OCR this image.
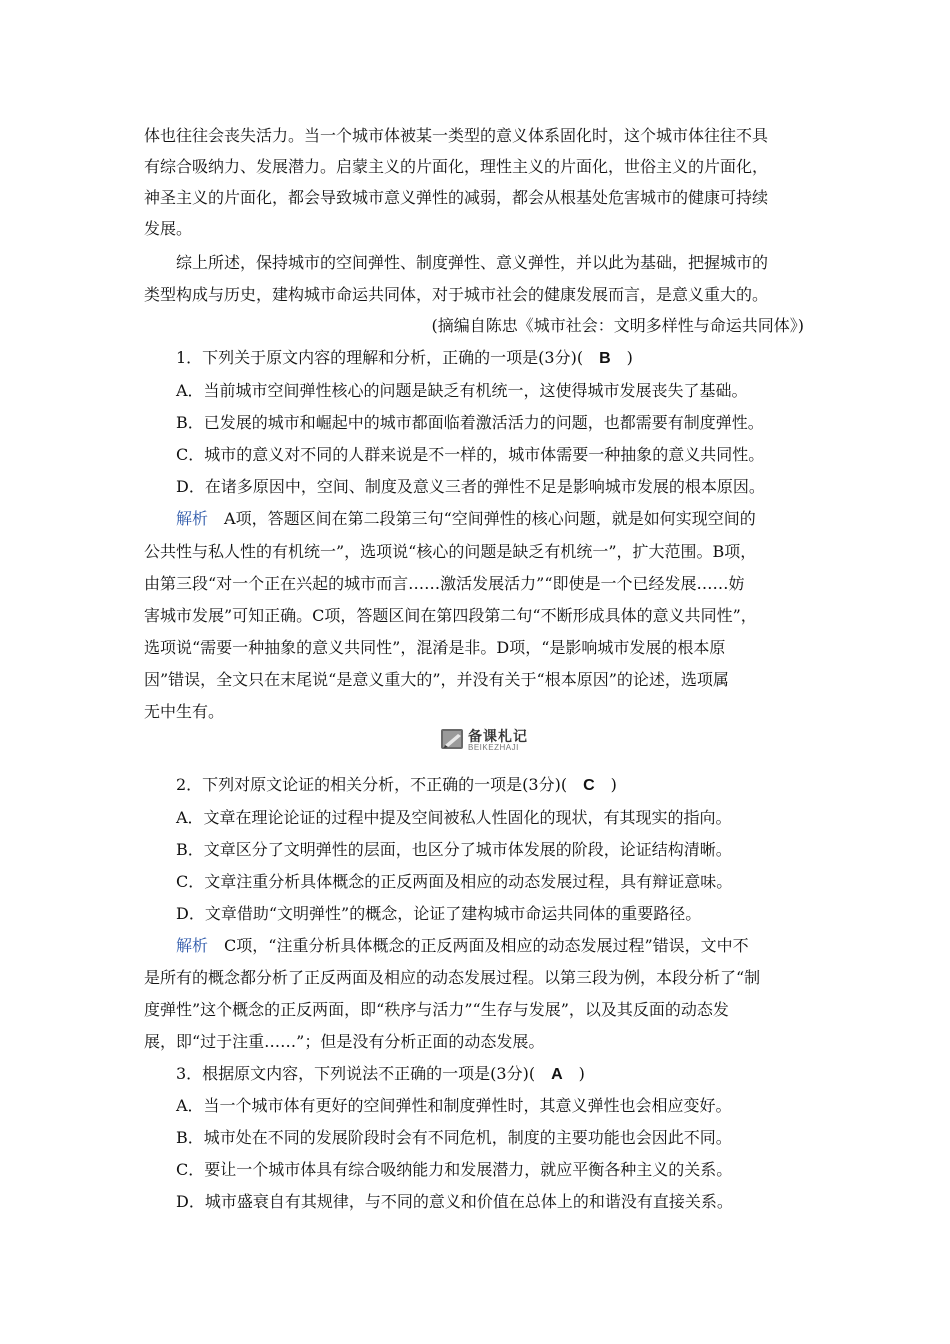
体也往往会丧失活力。当一个城市体被某一类型的意义体系固化时，这个城市体往往不具
有综合吸纳力、发展潜力。启蒙主义的片面化，理性主义的片面化，世俗主义的片面化，
神圣主义的片面化，都会导致城市意义弹性的减弱，都会从根基处危害城市的健康可持续
发展。
　　综上所述，保持城市的空间弹性、制度弹性、意义弹性，并以此为基础，把握城市的
类型构成与历史，建构城市命运共同体，对于城市社会的健康发展而言，是意义重大的。
(摘编自陈忠《城市社会：文明多样性与命运共同体》)
　　1．下列关于原文内容的理解和分析，正确的一项是(3分)(　B　)
　　A．当前城市空间弹性核心的问题是缺乏有机统一，这使得城市发展丧失了基础。
　　B．已发展的城市和崛起中的城市都面临着激活活力的问题，也都需要有制度弹性。
　　C．城市的意义对不同的人群来说是不一样的，城市体需要一种抽象的意义共同性。
　　D．在诸多原因中，空间、制度及意义三者的弹性不足是影响城市发展的根本原因。
　　解析　A项，答题区间在第二段第三句“空间弹性的核心问题，就是如何实现空间的
公共性与私人性的有机统一”，选项说“核心的问题是缺乏有机统一”，扩大范围。B项，
由第三段“对一个正在兴起的城市而言……激活发展活力”“即使是一个已经发展……妨
害城市发展”可知正确。C项，答题区间在第四段第二句“不断形成具体的意义共同性”，
选项说“需要一种抽象的意义共同性”，混淆是非。D项，“是影响城市发展的根本原
因”错误，全文只在末尾说“是意义重大的”，并没有关于“根本原因”的论述，选项属
无中生有。
备课札记
BEIKEZHAJI
　　2．下列对原文论证的相关分析，不正确的一项是(3分)(　C　)
　　A．文章在理论论证的过程中提及空间被私人性固化的现状，有其现实的指向。
　　B．文章区分了文明弹性的层面，也区分了城市体发展的阶段，论证结构清晰。
　　C．文章注重分析具体概念的正反两面及相应的动态发展过程，具有辩证意味。
　　D．文章借助“文明弹性”的概念，论证了建构城市命运共同体的重要路径。
　　解析　C项，“注重分析具体概念的正反两面及相应的动态发展过程”错误，文中不
是所有的概念都分析了正反两面及相应的动态发展过程。以第三段为例，本段分析了“制
度弹性”这个概念的正反两面，即“秩序与活力”“生存与发展”，以及其反面的动态发
展，即“过于注重……”；但是没有分析正面的动态发展。
　　3．根据原文内容，下列说法不正确的一项是(3分)(　A　)
　　A．当一个城市体有更好的空间弹性和制度弹性时，其意义弹性也会相应变好。
　　B．城市处在不同的发展阶段时会有不同危机，制度的主要功能也会因此不同。
　　C．要让一个城市体具有综合吸纳能力和发展潜力，就应平衡各种主义的关系。
　　D．城市盛衰自有其规律，与不同的意义和价值在总体上的和谐没有直接关系。
